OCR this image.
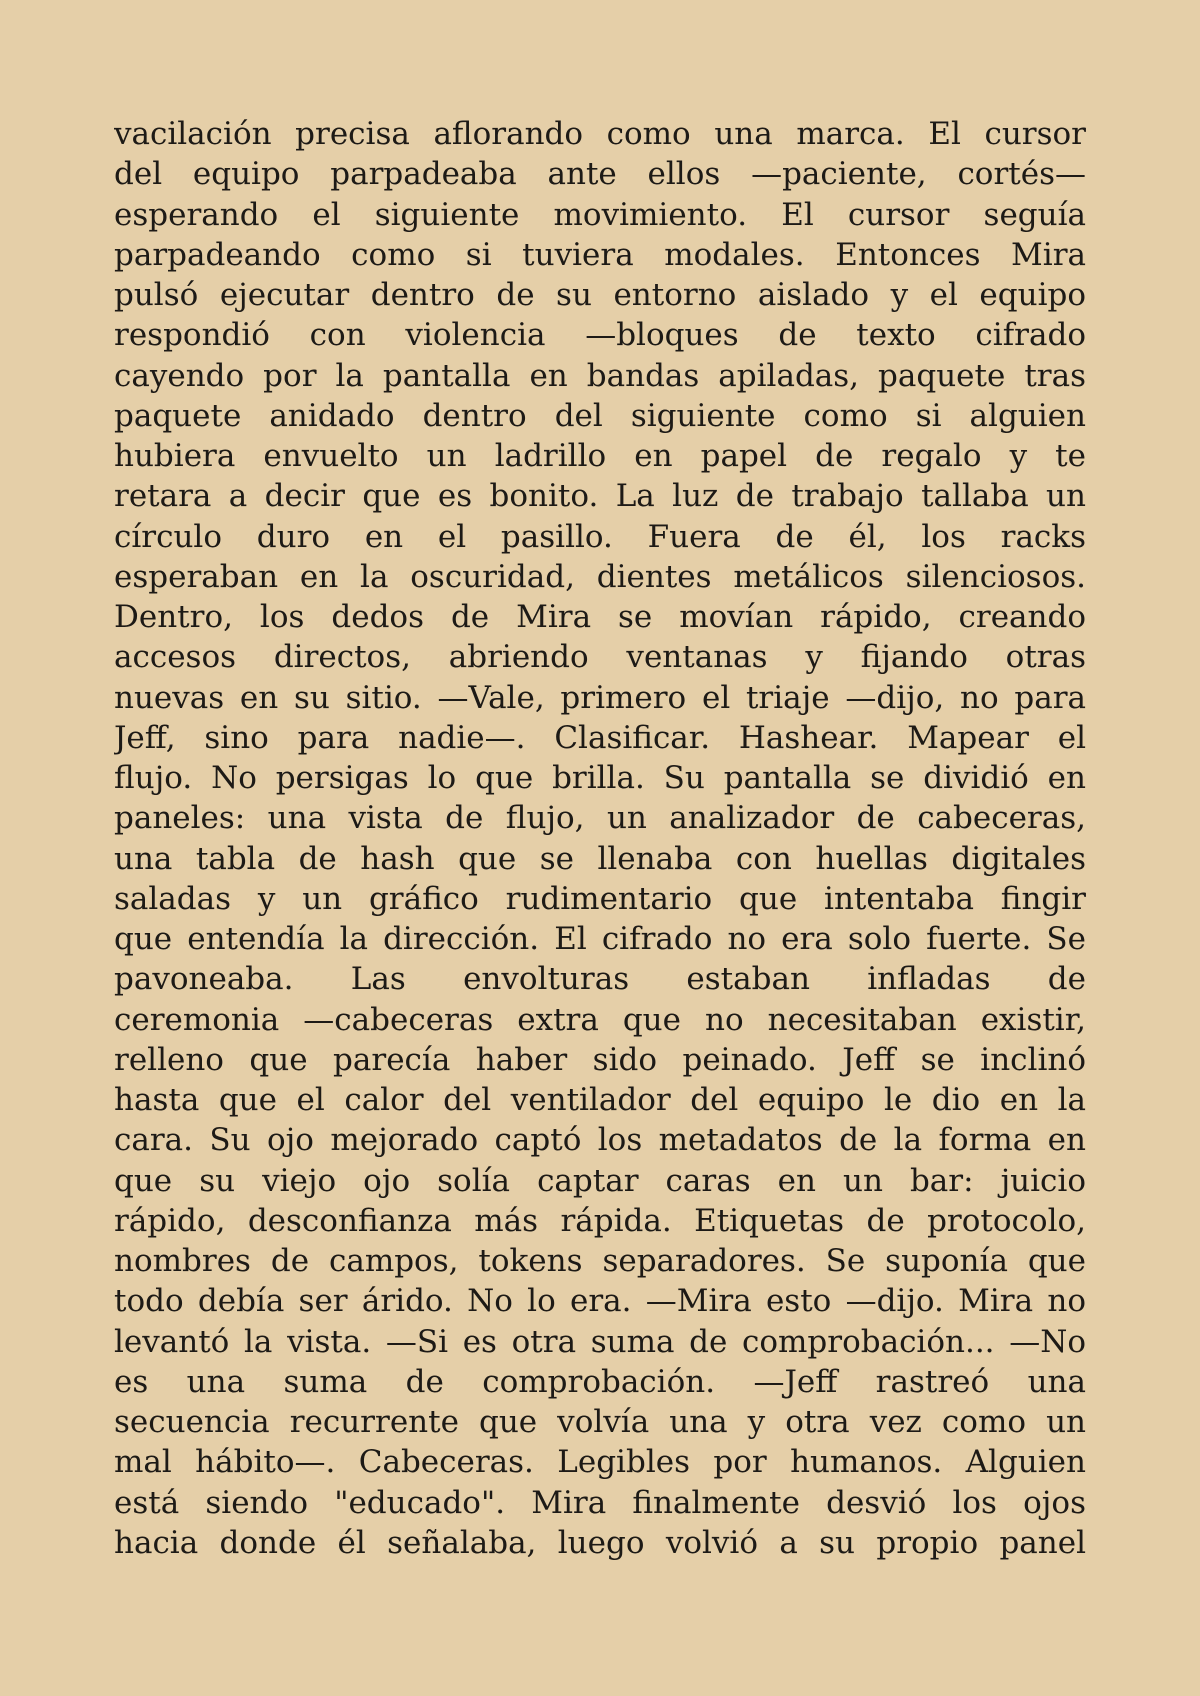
vacilación precisa aflorando como una marca. El cursor
del equipo parpadeaba ante ellos —paciente, cortés—
esperando el siguiente movimiento. El cursor seguía
parpadeando como si tuviera modales. Entonces Mira
pulsó ejecutar dentro de su entorno aislado y el equipo
respondió con violencia —bloques de texto cifrado
cayendo por la pantalla en bandas apiladas, paquete tras
paquete anidado dentro del siguiente como si alguien
hubiera envuelto un ladrillo en papel de regalo y te
retara a decir que es bonito. La luz de trabajo tallaba un
círculo duro en el pasillo. Fuera de él, los racks
esperaban en la oscuridad, dientes metálicos silenciosos.
Dentro, los dedos de Mira se movían rápido, creando
accesos directos, abriendo ventanas y fijando otras
nuevas en su sitio. —Vale, primero el triaje —dijo, no para
Jeff, sino para nadie—. Clasificar. Hashear. Mapear el
flujo. No persigas lo que brilla. Su pantalla se dividió en
paneles: una vista de flujo, un analizador de cabeceras,
una tabla de hash que se llenaba con huellas digitales
saladas y un gráfico rudimentario que intentaba fingir
que entendía la dirección. El cifrado no era solo fuerte. Se
pavoneaba. Las envolturas estaban infladas de
ceremonia —cabeceras extra que no necesitaban existir,
relleno que parecía haber sido peinado. Jeff se inclinó
hasta que el calor del ventilador del equipo le dio en la
cara. Su ojo mejorado captó los metadatos de la forma en
que su viejo ojo solía captar caras en un bar: juicio
rápido, desconfianza más rápida. Etiquetas de protocolo,
nombres de campos, tokens separadores. Se suponía que
todo debía ser árido. No lo era. —Mira esto —dijo. Mira no
levantó la vista. —Si es otra suma de comprobación... —No
es una suma de comprobación. —Jeff rastreó una
secuencia recurrente que volvía una y otra vez como un
mal hábito—. Cabeceras. Legibles por humanos. Alguien
está siendo "educado". Mira finalmente desvió los ojos
hacia donde él señalaba, luego volvió a su propio panel
